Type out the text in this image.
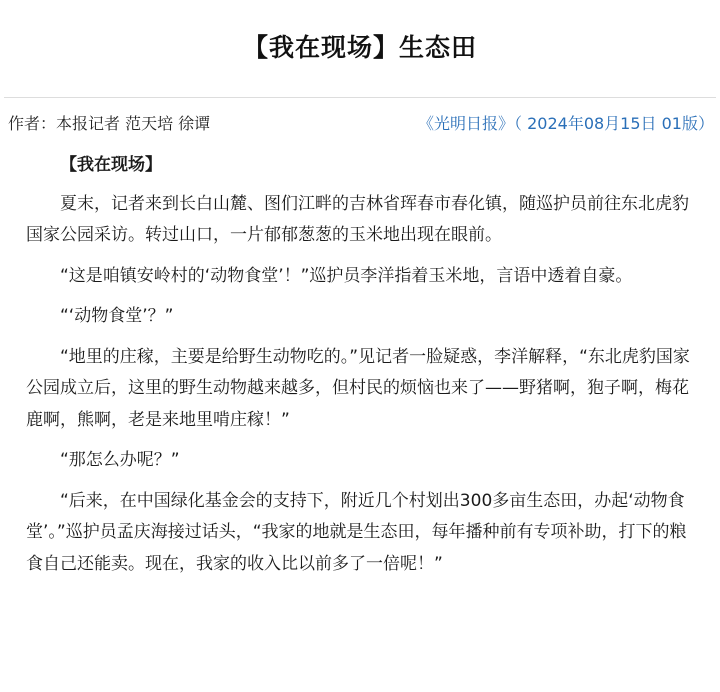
【我在现场】生态田
作者：本报记者 范天培 徐谭	《光明日报》（ 2024年08月15日 01版）

【我在现场】

夏末，记者来到长白山麓、图们江畔的吉林省珲春市春化镇，随巡护员前往东北虎豹国家公园采访。转过山口，一片郁郁葱葱的玉米地出现在眼前。

“这是咱镇安岭村的‘动物食堂’！”巡护员李洋指着玉米地，言语中透着自豪。

“‘动物食堂’？”

“地里的庄稼，主要是给野生动物吃的。”见记者一脸疑惑，李洋解释，“东北虎豹国家公园成立后，这里的野生动物越来越多，但村民的烦恼也来了——野猪啊，狍子啊，梅花鹿啊，熊啊，老是来地里啃庄稼！”

“那怎么办呢？”

“后来，在中国绿化基金会的支持下，附近几个村划出300多亩生态田，办起‘动物食堂’。”巡护员孟庆海接过话头，“我家的地就是生态田，每年播种前有专项补助，打下的粮食自己还能卖。现在，我家的收入比以前多了一倍呢！”
